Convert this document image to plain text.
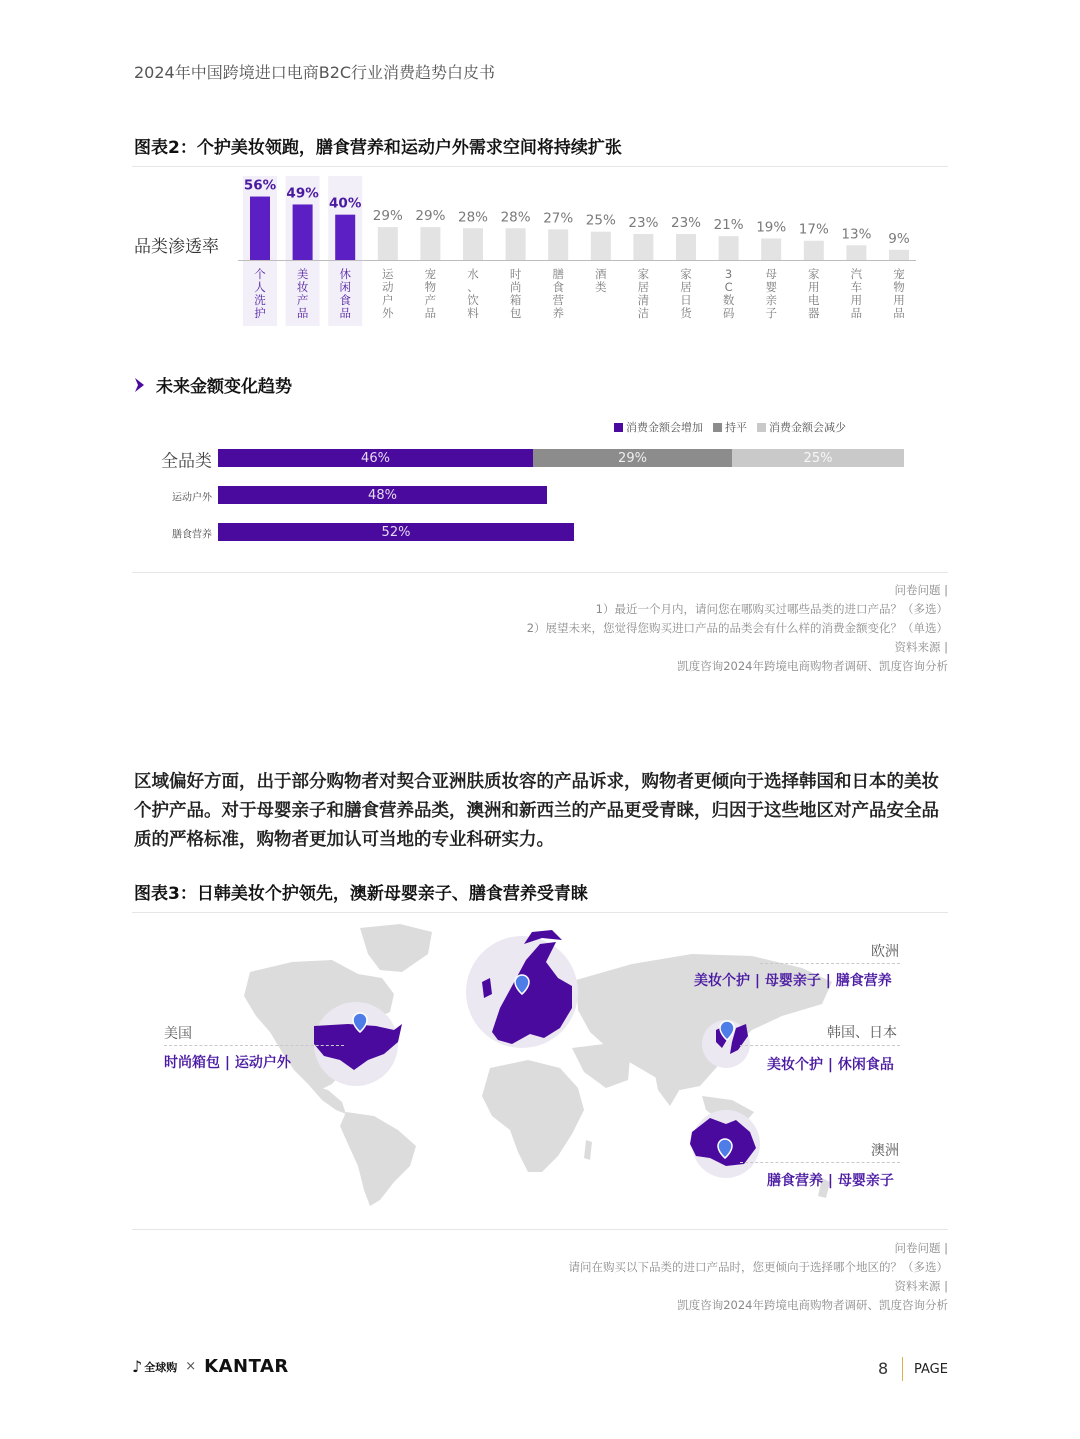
2024年中国跨境进口电商B2C行业消费趋势白皮书
图表2：个护美妆领跑，膳食营养和运动户外需求空间将持续扩张
品类渗透率
56%
个
人
洗
护
49%
美
妆
产
品
40%
休
闲
食
品
29%
运
动
户
外
29%
宠
物
产
品
28%
水
、
饮
料
28%
时
尚
箱
包
27%
膳
食
营
养
25%
酒
类
23%
家
居
清
洁
23%
家
居
日
货
21%
3
C
数
码
19%
母
婴
亲
子
17%
家
用
电
器
13%
汽
车
用
品
9%
宠
物
用
品
未来金额变化趋势
消费金额会增加 持平 消费金额会减少
全品类	46%	29%	25%
运动户外	48%
膳食营养	52%
问卷问题 |
1）最近一个月内，请问您在哪购买过哪些品类的进口产品？（多选）
2）展望未来，您觉得您购买进口产品的品类会有什么样的消费金额变化？（单选）
资料来源 |
凯度咨询2024年跨境电商购物者调研、凯度咨询分析
区域偏好方面，出于部分购物者对契合亚洲肤质妆容的产品诉求，购物者更倾向于选择韩国和日本的美妆个护产品。对于母婴亲子和膳食营养品类，澳洲和新西兰的产品更受青睐，归因于这些地区对产品安全品质的严格标准，购物者更加认可当地的专业科研实力。
图表3：日韩美妆个护领先，澳新母婴亲子、膳食营养受青睐
欧洲
美妆个护 | 母婴亲子 | 膳食营养
美国
时尚箱包 | 运动户外
韩国、日本
美妆个护 | 休闲食品
澳洲
膳食营养 | 母婴亲子
问卷问题 |
请问在购买以下品类的进口产品时，您更倾向于选择哪个地区的？（多选）
资料来源 |
凯度咨询2024年跨境电商购物者调研、凯度咨询分析
♪ 全球购 × KANTAR	8 PAGE
